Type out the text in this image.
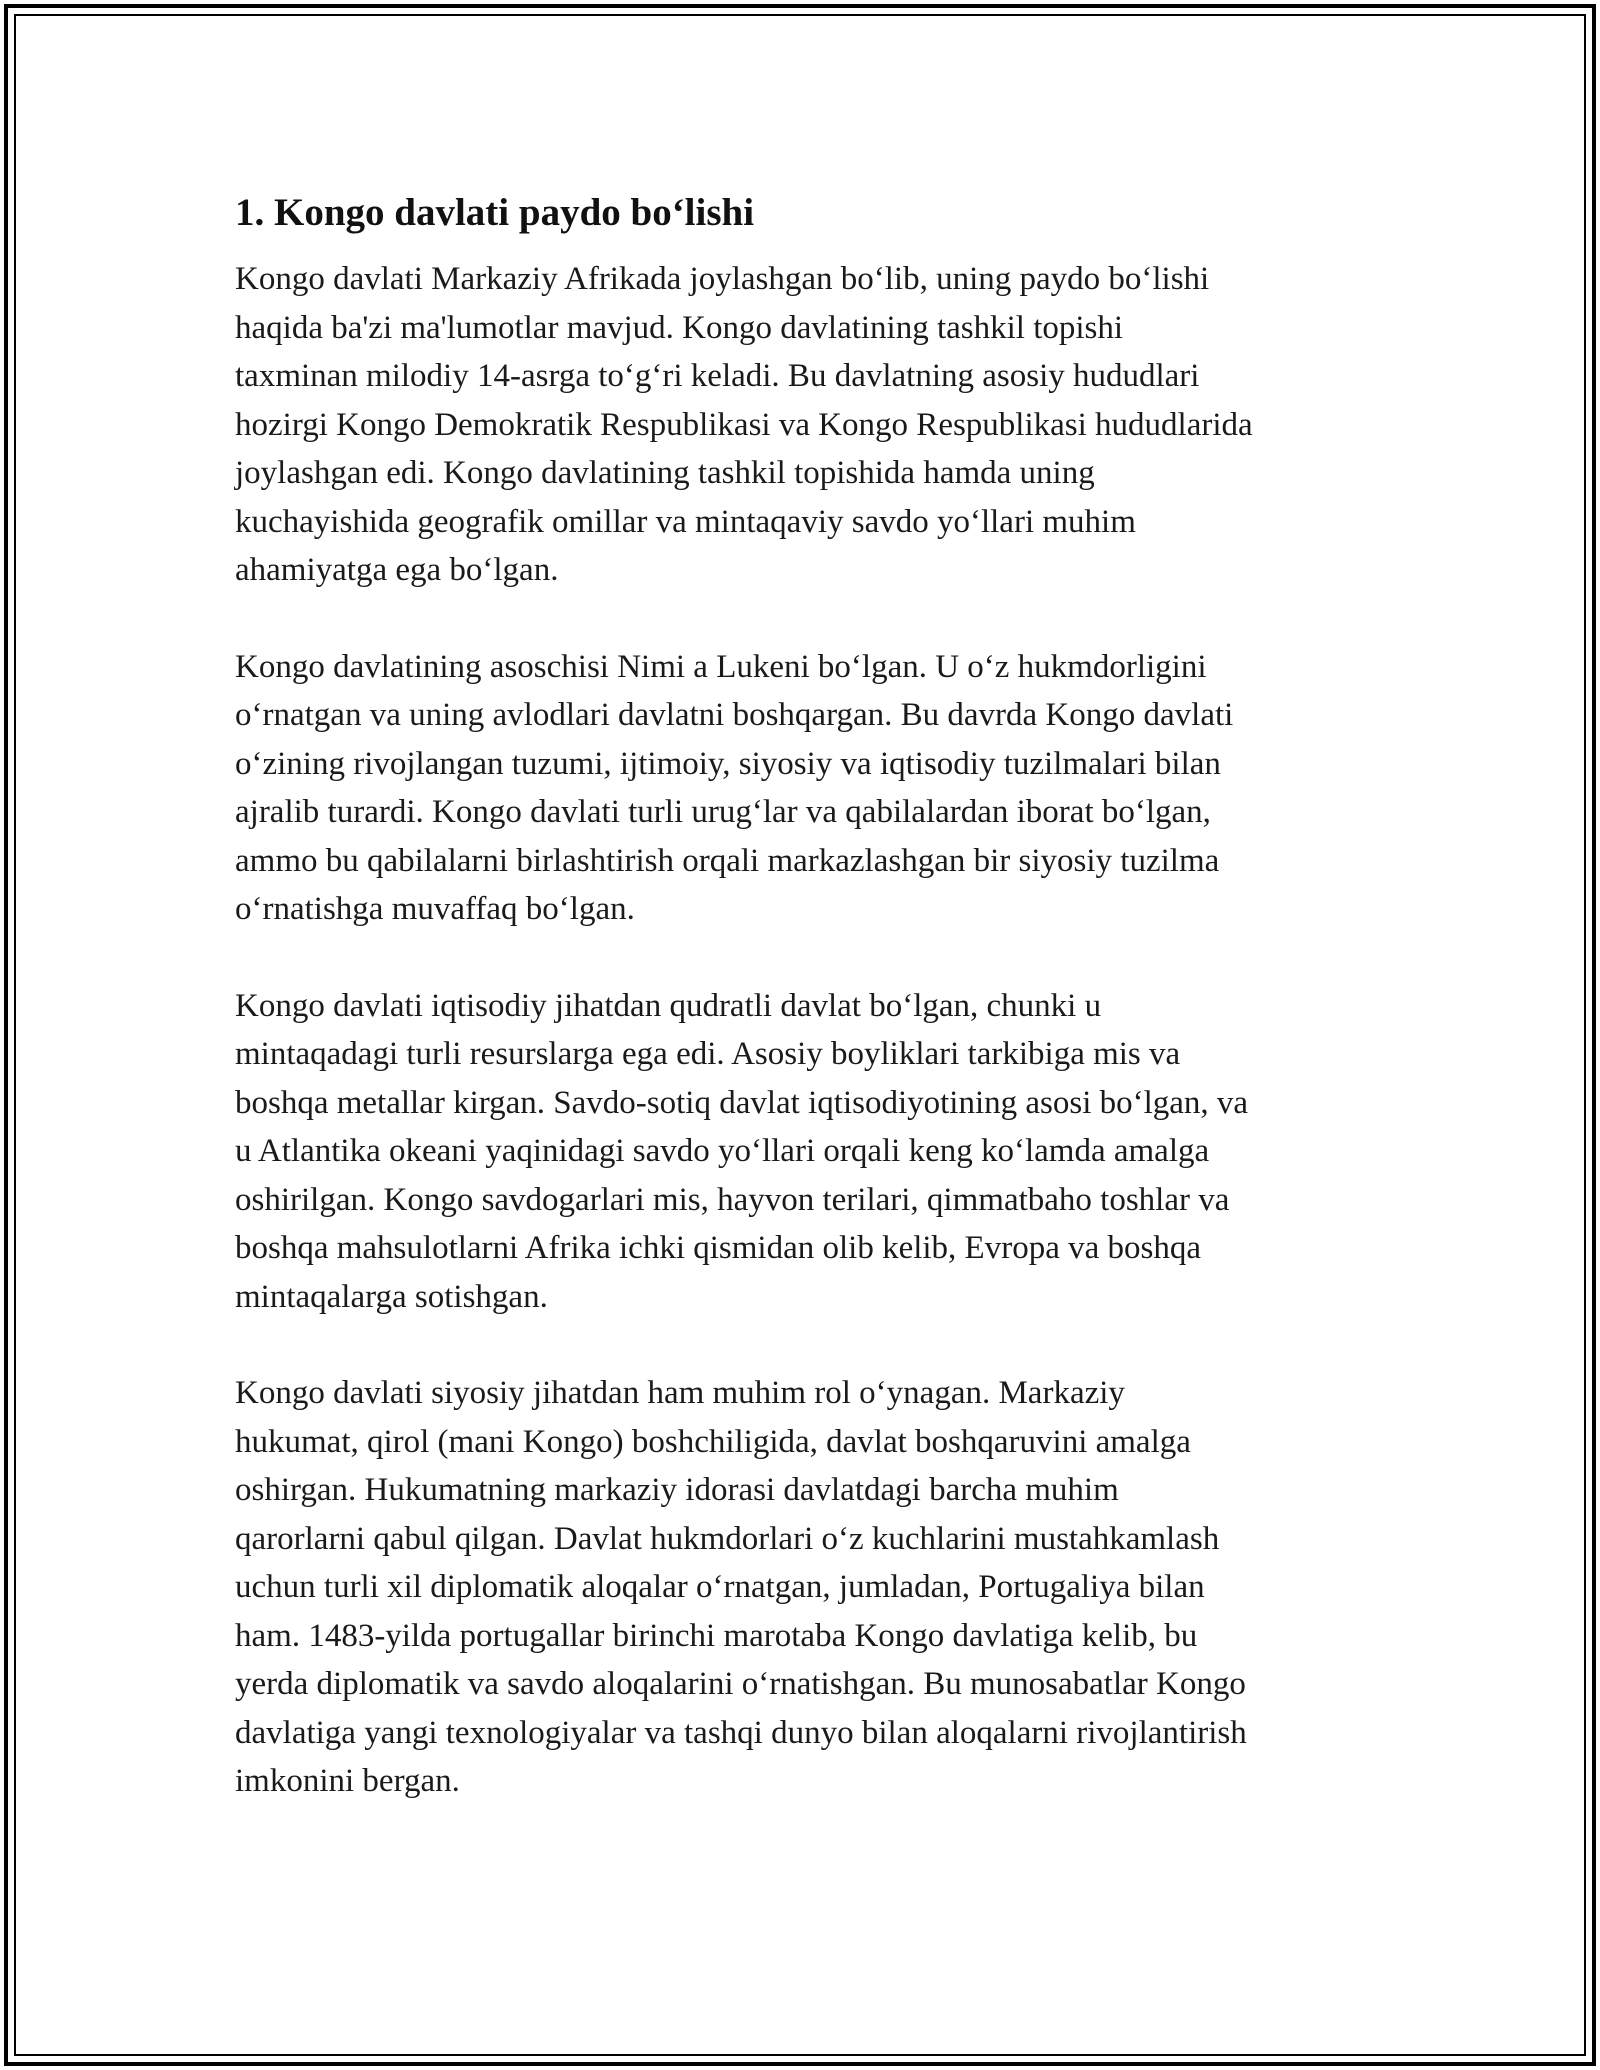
1. Kongo davlati paydo bo‘lishi

Kongo davlati Markaziy Afrikada joylashgan bo‘lib, uning paydo bo‘lishi
haqida ba'zi ma'lumotlar mavjud. Kongo davlatining tashkil topishi
taxminan milodiy 14-asrga to‘g‘ri keladi. Bu davlatning asosiy hududlari
hozirgi Kongo Demokratik Respublikasi va Kongo Respublikasi hududlarida
joylashgan edi. Kongo davlatining tashkil topishida hamda uning
kuchayishida geografik omillar va mintaqaviy savdo yo‘llari muhim
ahamiyatga ega bo‘lgan.

Kongo davlatining asoschisi Nimi a Lukeni bo‘lgan. U o‘z hukmdorligini
o‘rnatgan va uning avlodlari davlatni boshqargan. Bu davrda Kongo davlati
o‘zining rivojlangan tuzumi, ijtimoiy, siyosiy va iqtisodiy tuzilmalari bilan
ajralib turardi. Kongo davlati turli urug‘lar va qabilalardan iborat bo‘lgan,
ammo bu qabilalarni birlashtirish orqali markazlashgan bir siyosiy tuzilma
o‘rnatishga muvaffaq bo‘lgan.

Kongo davlati iqtisodiy jihatdan qudratli davlat bo‘lgan, chunki u
mintaqadagi turli resurslarga ega edi. Asosiy boyliklari tarkibiga mis va
boshqa metallar kirgan. Savdo-sotiq davlat iqtisodiyotining asosi bo‘lgan, va
u Atlantika okeani yaqinidagi savdo yo‘llari orqali keng ko‘lamda amalga
oshirilgan. Kongo savdogarlari mis, hayvon terilari, qimmatbaho toshlar va
boshqa mahsulotlarni Afrika ichki qismidan olib kelib, Evropa va boshqa
mintaqalarga sotishgan.

Kongo davlati siyosiy jihatdan ham muhim rol o‘ynagan. Markaziy
hukumat, qirol (mani Kongo) boshchiligida, davlat boshqaruvini amalga
oshirgan. Hukumatning markaziy idorasi davlatdagi barcha muhim
qarorlarni qabul qilgan. Davlat hukmdorlari o‘z kuchlarini mustahkamlash
uchun turli xil diplomatik aloqalar o‘rnatgan, jumladan, Portugaliya bilan
ham. 1483-yilda portugallar birinchi marotaba Kongo davlatiga kelib, bu
yerda diplomatik va savdo aloqalarini o‘rnatishgan. Bu munosabatlar Kongo
davlatiga yangi texnologiyalar va tashqi dunyo bilan aloqalarni rivojlantirish
imkonini bergan.
